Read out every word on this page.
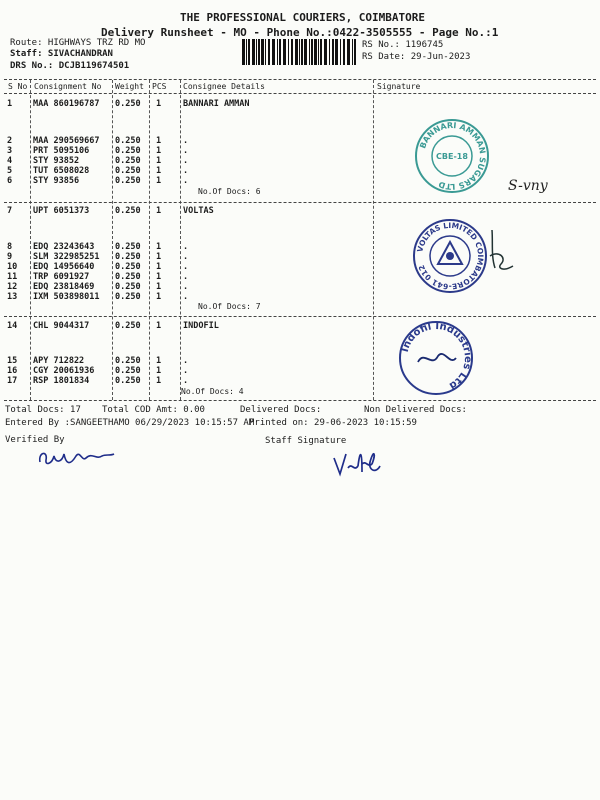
THE PROFESSIONAL COURIERS, COIMBATORE
Delivery Runsheet - MO - Phone No.:0422-3505555 - Page No.:1
Route: HIGHWAYS TRZ RD MO
Staff: SIVACHANDRAN
DRS No.: DCJB119674501
RS No.: 1196745
RS Date: 29-Jun-2023
S No Consignment No Weight PCS Consignee Details	Signature
1 MAA 860196787 0.250 1	BANNARI AMMAN
2 MAA 290569667 0.250 1	.
3 PRT 5095106	0.250 1	.
4 STY 93852	0.250 1	.
5 TUT 6508028	0.250 1	.
6 STY 93856	0.250 1	.
No.Of Docs: 6
7 UPT 6051373	0.250 1	VOLTAS
8 EDQ 23243643 0.250 1	.
9 SLM 322985251 0.250 1	.
10 EDQ 14956640 0.250 1	.
11 TRP 6091927	0.250 1	.
12 EDQ 23818469 0.250 1	.
13 IXM 503898011 0.250 1	.
No.Of Docs: 7
14 CHL 9044317	0.250 1	INDOFIL
15 APY 712822	0.250 1	.
16 CGY 20061936 0.250 1	.
17 RSP 1801834	0.250 1	.
No.Of Docs: 4
BANNARI AMMAN SUGARS LTD
CBE-18
VOLTAS LIMITED COIMBATORE-641 012
Indofil Industries Ltd
S-vny
Total Docs: 17 Total COD Amt: 0.00	Delivered Docs:	Non Delivered Docs:
Entered By :SANGEETHAMO 06/29/2023 10:15:57 AM
Printed on: 29-06-2023 10:15:59
Verified By	Staff Signature
